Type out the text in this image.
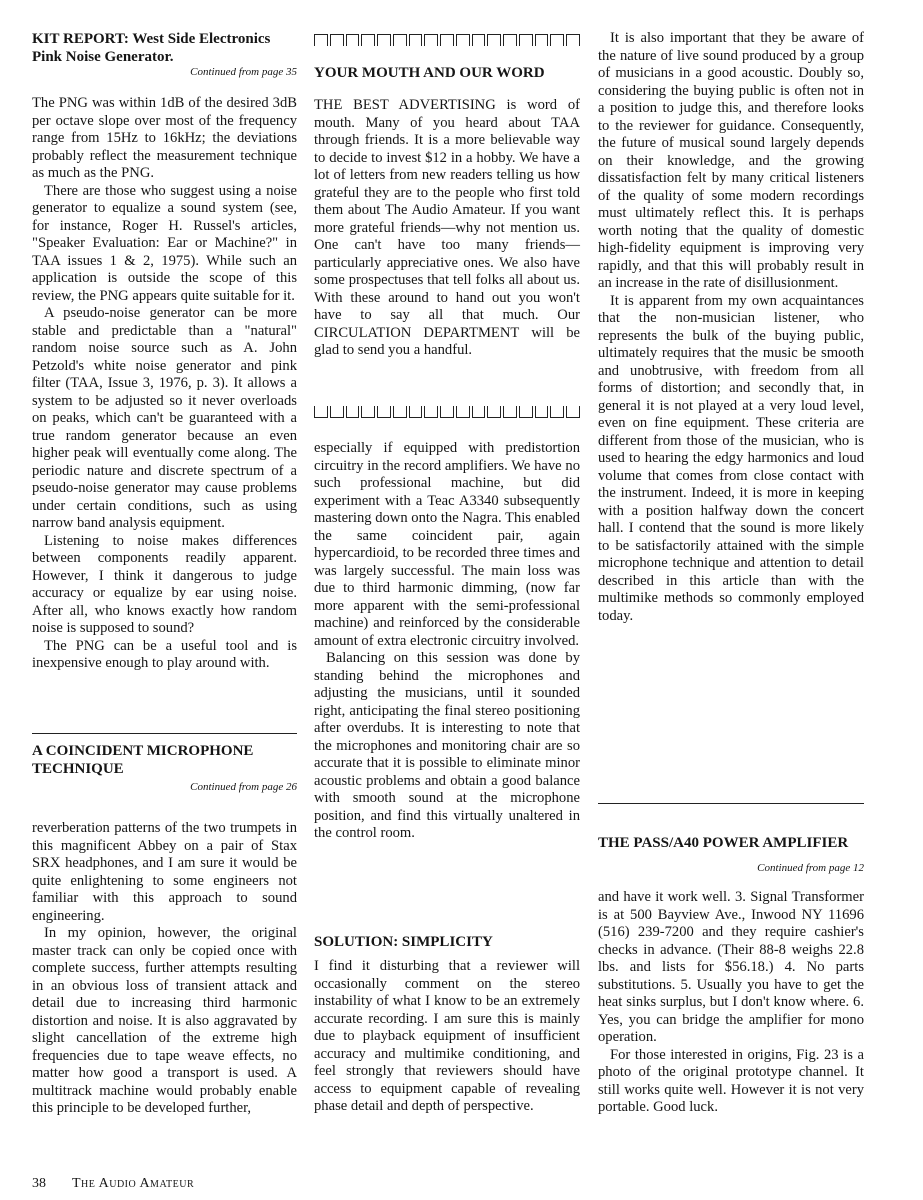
KIT REPORT: West Side Electronics Pink Noise Generator.
Continued from page 35

The PNG was within 1dB of the desired 3dB per octave slope over most of the frequency range from 15Hz to 16kHz; the deviations probably reflect the measurement technique as much as the PNG.

There are those who suggest using a noise generator to equalize a sound system (see, for instance, Roger H. Russel's articles, "Speaker Evaluation: Ear or Machine?" in TAA issues 1 & 2, 1975). While such an application is outside the scope of this review, the PNG appears quite suitable for it.

A pseudo-noise generator can be more stable and predictable than a "natural" random noise source such as A. John Petzold's white noise generator and pink filter (TAA, Issue 3, 1976, p. 3). It allows a system to be adjusted so it never overloads on peaks, which can't be guaranteed with a true random generator because an even higher peak will eventually come along. The periodic nature and discrete spectrum of a pseudo-noise generator may cause problems under certain conditions, such as using narrow band analysis equipment.

Listening to noise makes differences between components readily apparent. However, I think it dangerous to judge accuracy or equalize by ear using noise. After all, who knows exactly how random noise is supposed to sound?

The PNG can be a useful tool and is inexpensive enough to play around with.

A COINCIDENT MICROPHONE TECHNIQUE
Continued from page 26

reverberation patterns of the two trumpets in this magnificent Abbey on a pair of Stax SRX headphones, and I am sure it would be quite enlightening to some engineers not familiar with this approach to sound engineering.

In my opinion, however, the original master track can only be copied once with complete success, further attempts resulting in an obvious loss of transient attack and detail due to increasing third harmonic distortion and noise. It is also aggravated by slight cancellation of the extreme high frequencies due to tape weave effects, no matter how good a transport is used. A multitrack machine would probably enable this principle to be developed further,

YOUR MOUTH AND OUR WORD

THE BEST ADVERTISING is word of mouth. Many of you heard about TAA through friends. It is a more believable way to decide to invest $12 in a hobby. We have a lot of letters from new readers telling us how grateful they are to the people who first told them about The Audio Amateur. If you want more grateful friends—why not mention us. One can't have too many friends—particularly appreciative ones. We also have some prospectuses that tell folks all about us. With these around to hand out you won't have to say all that much. Our CIRCULATION DEPARTMENT will be glad to send you a handful.

especially if equipped with predistortion circuitry in the record amplifiers. We have no such professional machine, but did experiment with a Teac A3340 subsequently mastering down onto the Nagra. This enabled the same coincident pair, again hypercardioid, to be recorded three times and was largely successful. The main loss was due to third harmonic dimming, (now far more apparent with the semi-professional machine) and reinforced by the considerable amount of extra electronic circuitry involved.

Balancing on this session was done by standing behind the microphones and adjusting the musicians, until it sounded right, anticipating the final stereo positioning after overdubs. It is interesting to note that the microphones and monitoring chair are so accurate that it is possible to eliminate minor acoustic problems and obtain a good balance with smooth sound at the microphone position, and find this virtually unaltered in the control room.

SOLUTION: SIMPLICITY

I find it disturbing that a reviewer will occasionally comment on the stereo instability of what I know to be an extremely accurate recording. I am sure this is mainly due to playback equipment of insufficient accuracy and multimike conditioning, and feel strongly that reviewers should have access to equipment capable of revealing phase detail and depth of perspective.

It is also important that they be aware of the nature of live sound produced by a group of musicians in a good acoustic. Doubly so, considering the buying public is often not in a position to judge this, and therefore looks to the reviewer for guidance. Consequently, the future of musical sound largely depends on their knowledge, and the growing dissatisfaction felt by many critical listeners of the quality of some modern recordings must ultimately reflect this. It is perhaps worth noting that the quality of domestic high-fidelity equipment is improving very rapidly, and that this will probably result in an increase in the rate of disillusionment.

It is apparent from my own acquaintances that the non-musician listener, who represents the bulk of the buying public, ultimately requires that the music be smooth and unobtrusive, with freedom from all forms of distortion; and secondly that, in general it is not played at a very loud level, even on fine equipment. These criteria are different from those of the musician, who is used to hearing the edgy harmonics and loud volume that comes from close contact with the instrument. Indeed, it is more in keeping with a position halfway down the concert hall. I contend that the sound is more likely to be satisfactorily attained with the simple microphone technique and attention to detail described in this article than with the multimike methods so commonly employed today.

THE PASS/A40 POWER AMPLIFIER
Continued from page 12

and have it work well. 3. Signal Transformer is at 500 Bayview Ave., Inwood NY 11696 (516) 239-7200 and they require cashier's checks in advance. (Their 88-8 weighs 22.8 lbs. and lists for $56.18.) 4. No parts substitutions. 5. Usually you have to get the heat sinks surplus, but I don't know where. 6. Yes, you can bridge the amplifier for mono operation.

For those interested in origins, Fig. 23 is a photo of the original prototype channel. It still works quite well. However it is not very portable. Good luck.

38 The Audio Amateur
